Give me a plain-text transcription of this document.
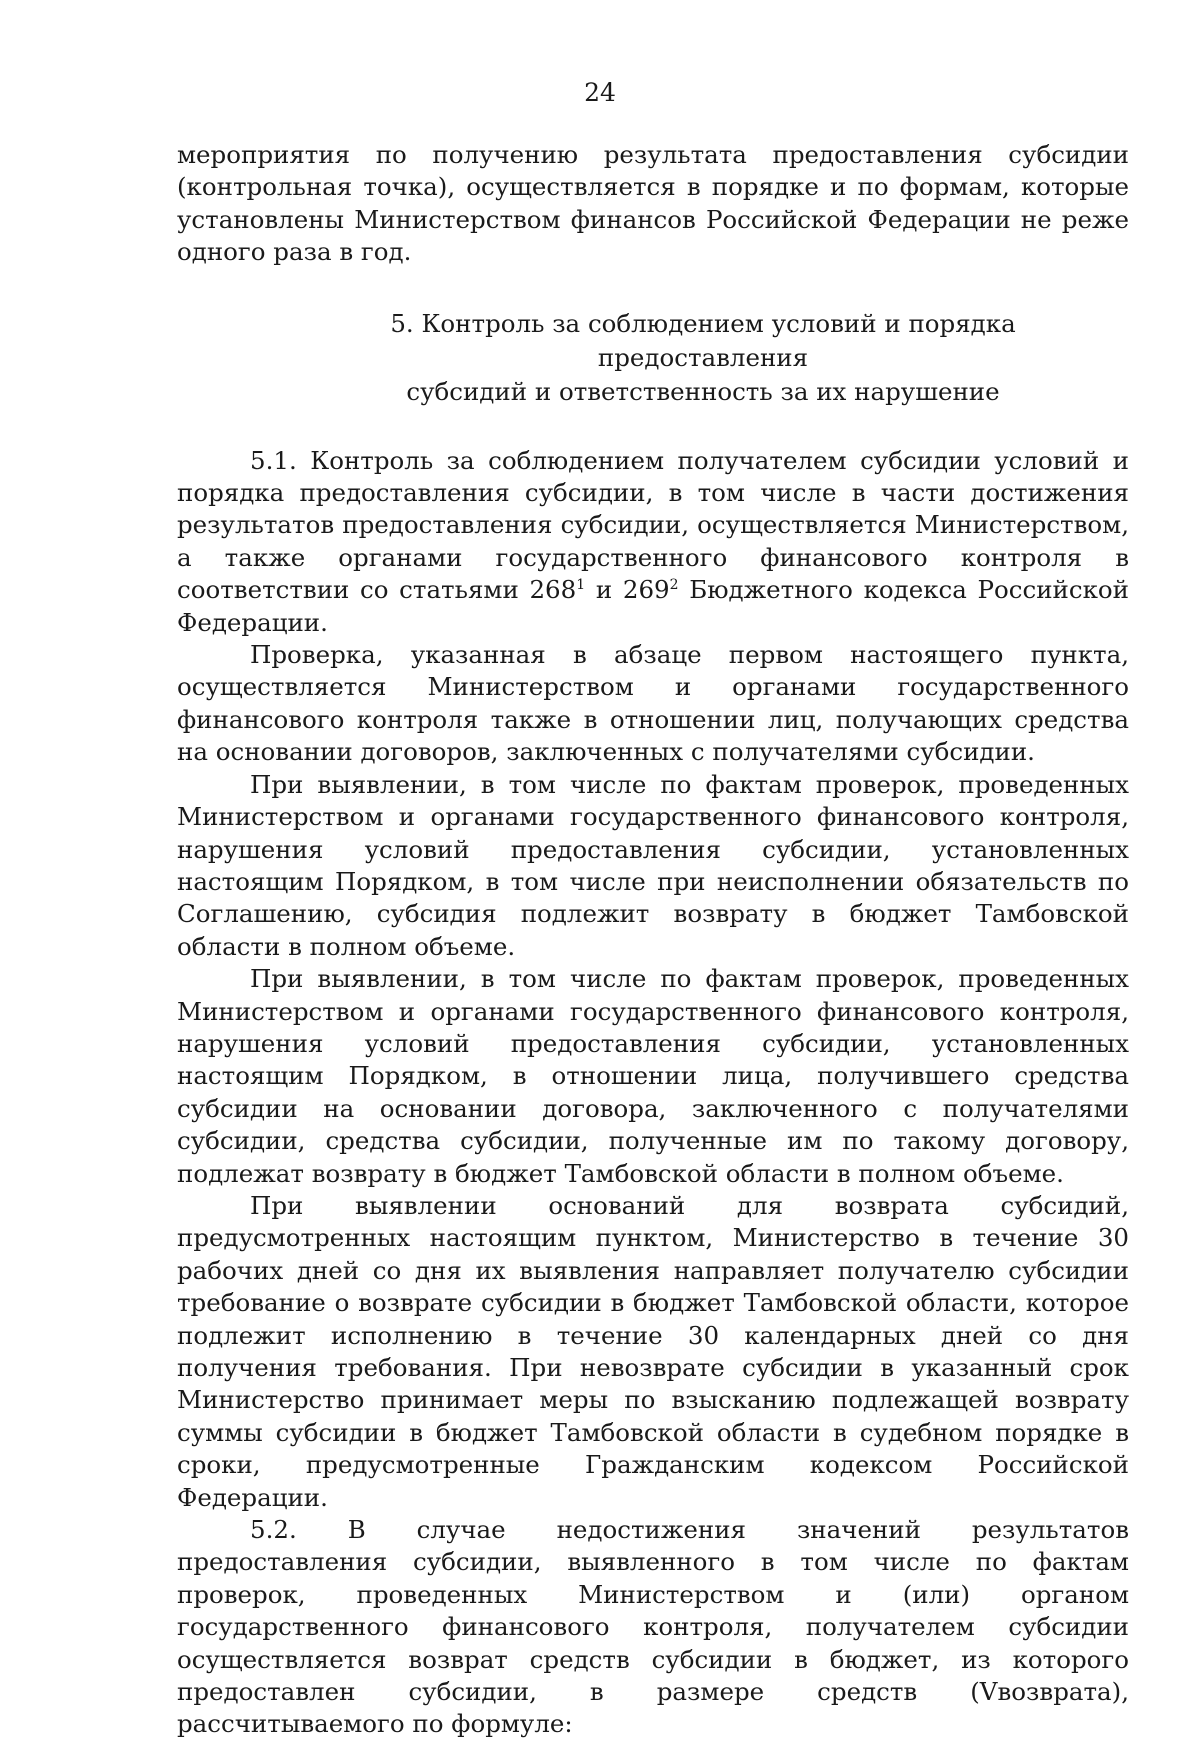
24

мероприятия по получению результата предоставления субсидии (контрольная точка), осуществляется в порядке и по формам, которые установлены Министерством финансов Российской Федерации не реже одного раза в год.

5. Контроль за соблюдением условий и порядка предоставления
субсидий и ответственность за их нарушение

5.1. Контроль за соблюдением получателем субсидии условий и порядка предоставления субсидии, в том числе в части достижения результатов предоставления субсидии, осуществляется Министерством, а также органами государственного финансового контроля в соответствии со статьями $268^1$ и $269^2$ Бюджетного кодекса Российской Федерации.

Проверка, указанная в абзаце первом настоящего пункта, осуществляется Министерством и органами государственного финансового контроля также в отношении лиц, получающих средства на основании договоров, заключенных с получателями субсидии.

При выявлении, в том числе по фактам проверок, проведенных Министерством и органами государственного финансового контроля, нарушения условий предоставления субсидии, установленных настоящим Порядком, в том числе при неисполнении обязательств по Соглашению, субсидия подлежит возврату в бюджет Тамбовской области в полном объеме.

При выявлении, в том числе по фактам проверок, проведенных Министерством и органами государственного финансового контроля, нарушения условий предоставления субсидии, установленных настоящим Порядком, в отношении лица, получившего средства субсидии на основании договора, заключенного с получателями субсидии, средства субсидии, полученные им по такому договору, подлежат возврату в бюджет Тамбовской области в полном объеме.

При выявлении оснований для возврата субсидий, предусмотренных настоящим пунктом, Министерство в течение 30 рабочих дней со дня их выявления направляет получателю субсидии требование о возврате субсидии в бюджет Тамбовской области, которое подлежит исполнению в течение 30 календарных дней со дня получения требования. При невозврате субсидии в указанный срок Министерство принимает меры по взысканию подлежащей возврату суммы субсидии в бюджет Тамбовской области в судебном порядке в сроки, предусмотренные Гражданским кодексом Российской Федерации.

5.2. В случае недостижения значений результатов предоставления субсидии, выявленного в том числе по фактам проверок, проведенных Министерством и (или) органом государственного финансового контроля, получателем субсидии осуществляется возврат средств субсидии в бюджет, из которого предоставлен субсидии, в размере средств (Vвозврата), рассчитываемого по формуле:
